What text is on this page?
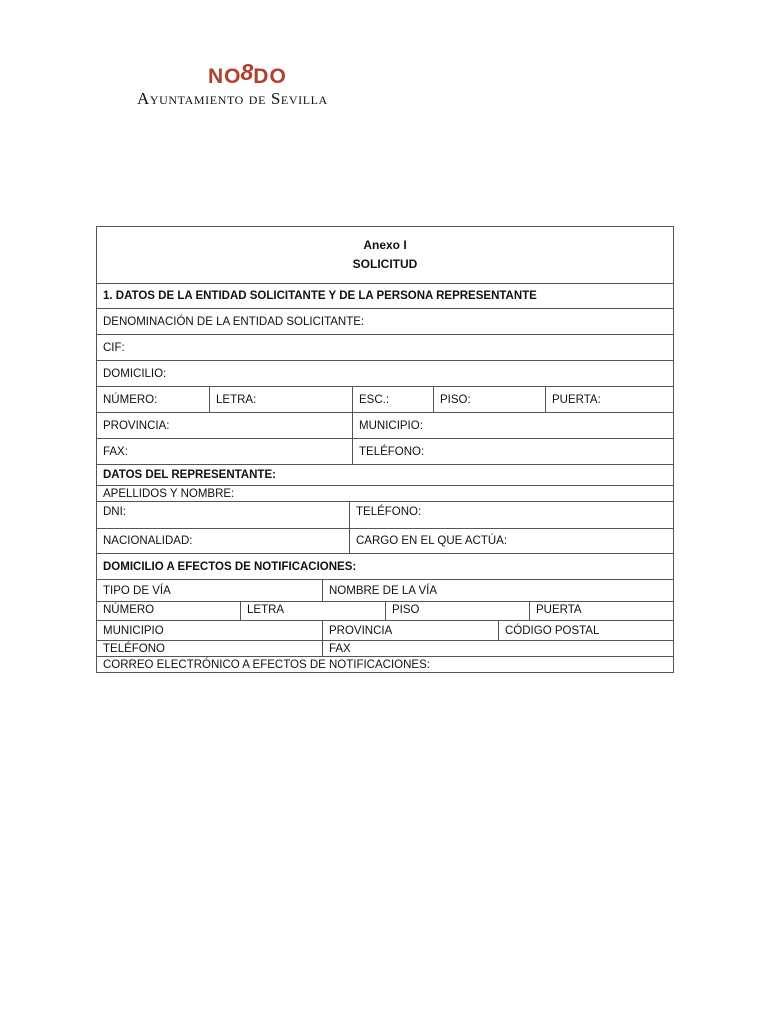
NO8DO
Ayuntamiento de Sevilla
Anexo I
SOLICITUD
1. DATOS DE LA ENTIDAD SOLICITANTE Y DE LA PERSONA REPRESENTANTE
DENOMINACIÓN DE LA ENTIDAD SOLICITANTE:
CIF:
DOMICILIO:
NÚMERO:	LETRA:	ESC.:	PISO:	PUERTA:
PROVINCIA:	MUNICIPIO:
FAX:	TELÉFONO:
DATOS DEL REPRESENTANTE:
APELLIDOS Y NOMBRE:
DNI:	TELÉFONO:
NACIONALIDAD:	CARGO EN EL QUE ACTÚA:
DOMICILIO A EFECTOS DE NOTIFICACIONES:
TIPO DE VÍA	NOMBRE DE LA VÍA
NÚMERO	LETRA	PISO	PUERTA
MUNICIPIO	PROVINCIA	CÓDIGO POSTAL
TELÉFONO	FAX
CORREO ELECTRÓNICO A EFECTOS DE NOTIFICACIONES:
